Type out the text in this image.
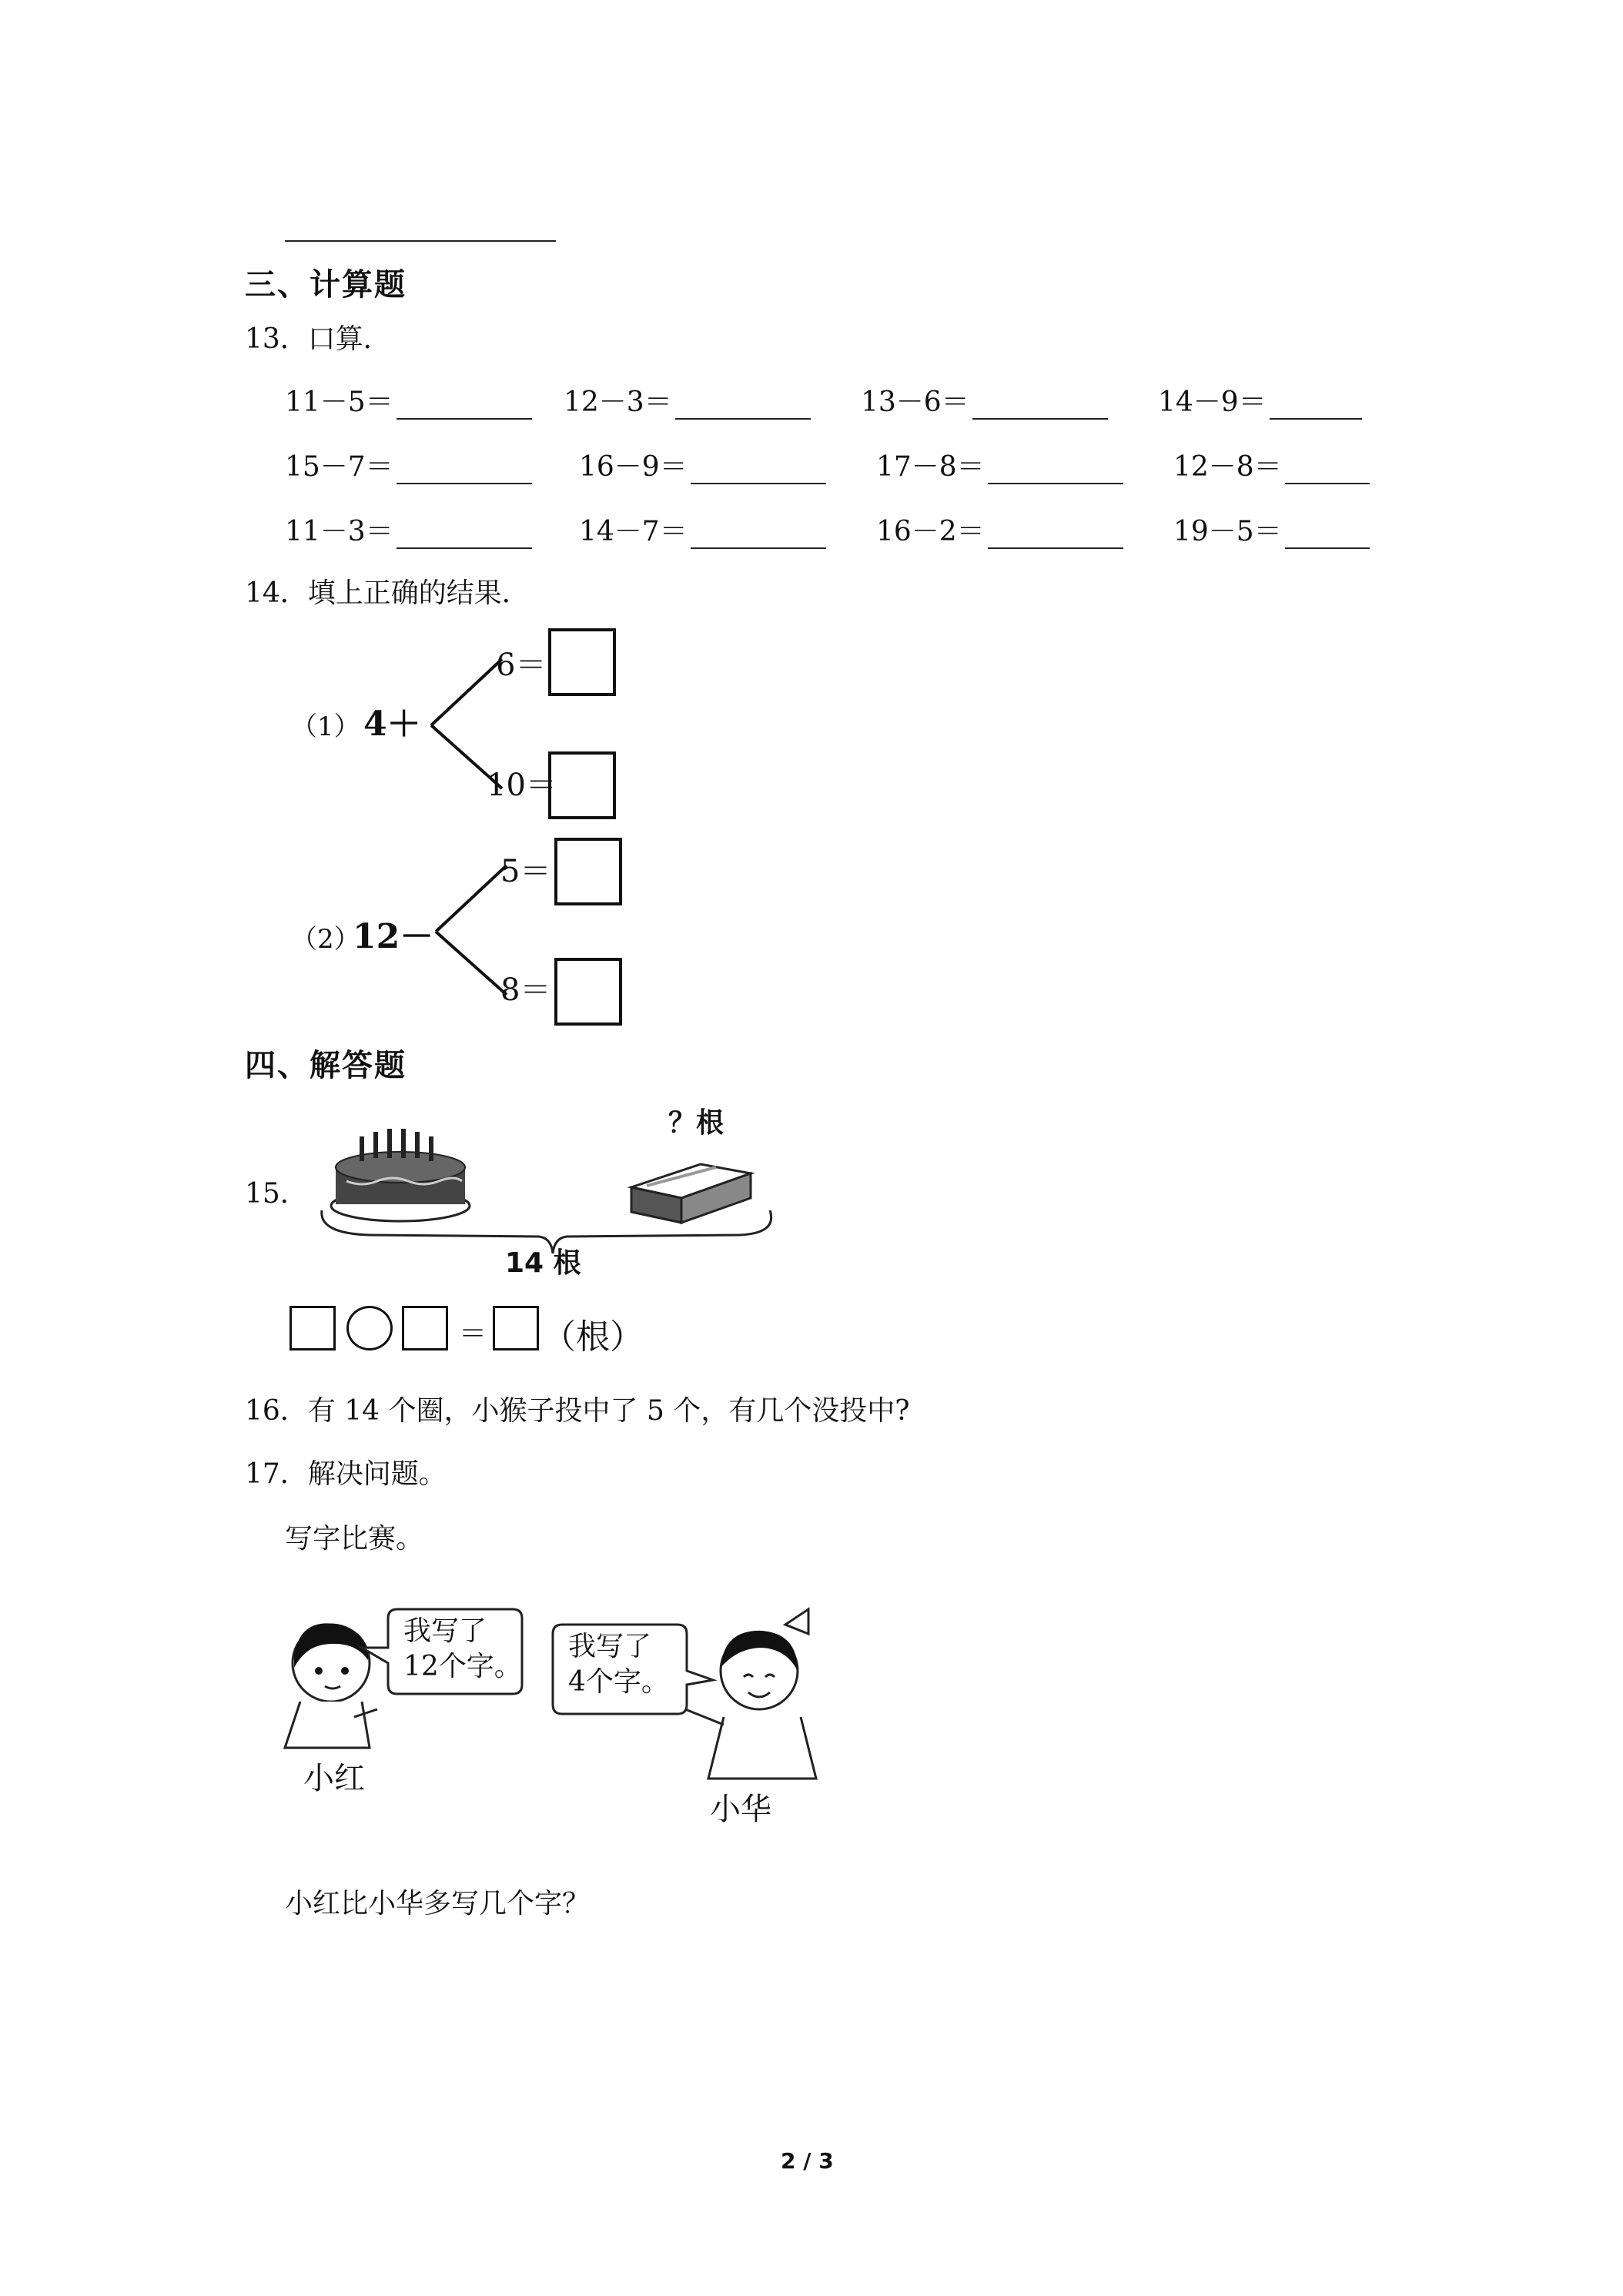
三、计算题
13．口算．
11－5＝	12－3＝	13－6＝	14－9＝
15－7＝	16－9＝	17－8＝	12－8＝
11－3＝	14－7＝	16－2＝	19－5＝
14．填上正确的结果．
（1） 4＋
6＝
10＝
（2）
12－
5＝
8＝
四、解答题
15．
？根
14 根
＝ （根）
16．有 14 个圈，小猴子投中了 5 个，有几个没投中?
17．解决问题。
写字比赛。
我写了
12个字。
我写了
4个字。
小红
小华
小红比小华多写几个字？
2 / 3
